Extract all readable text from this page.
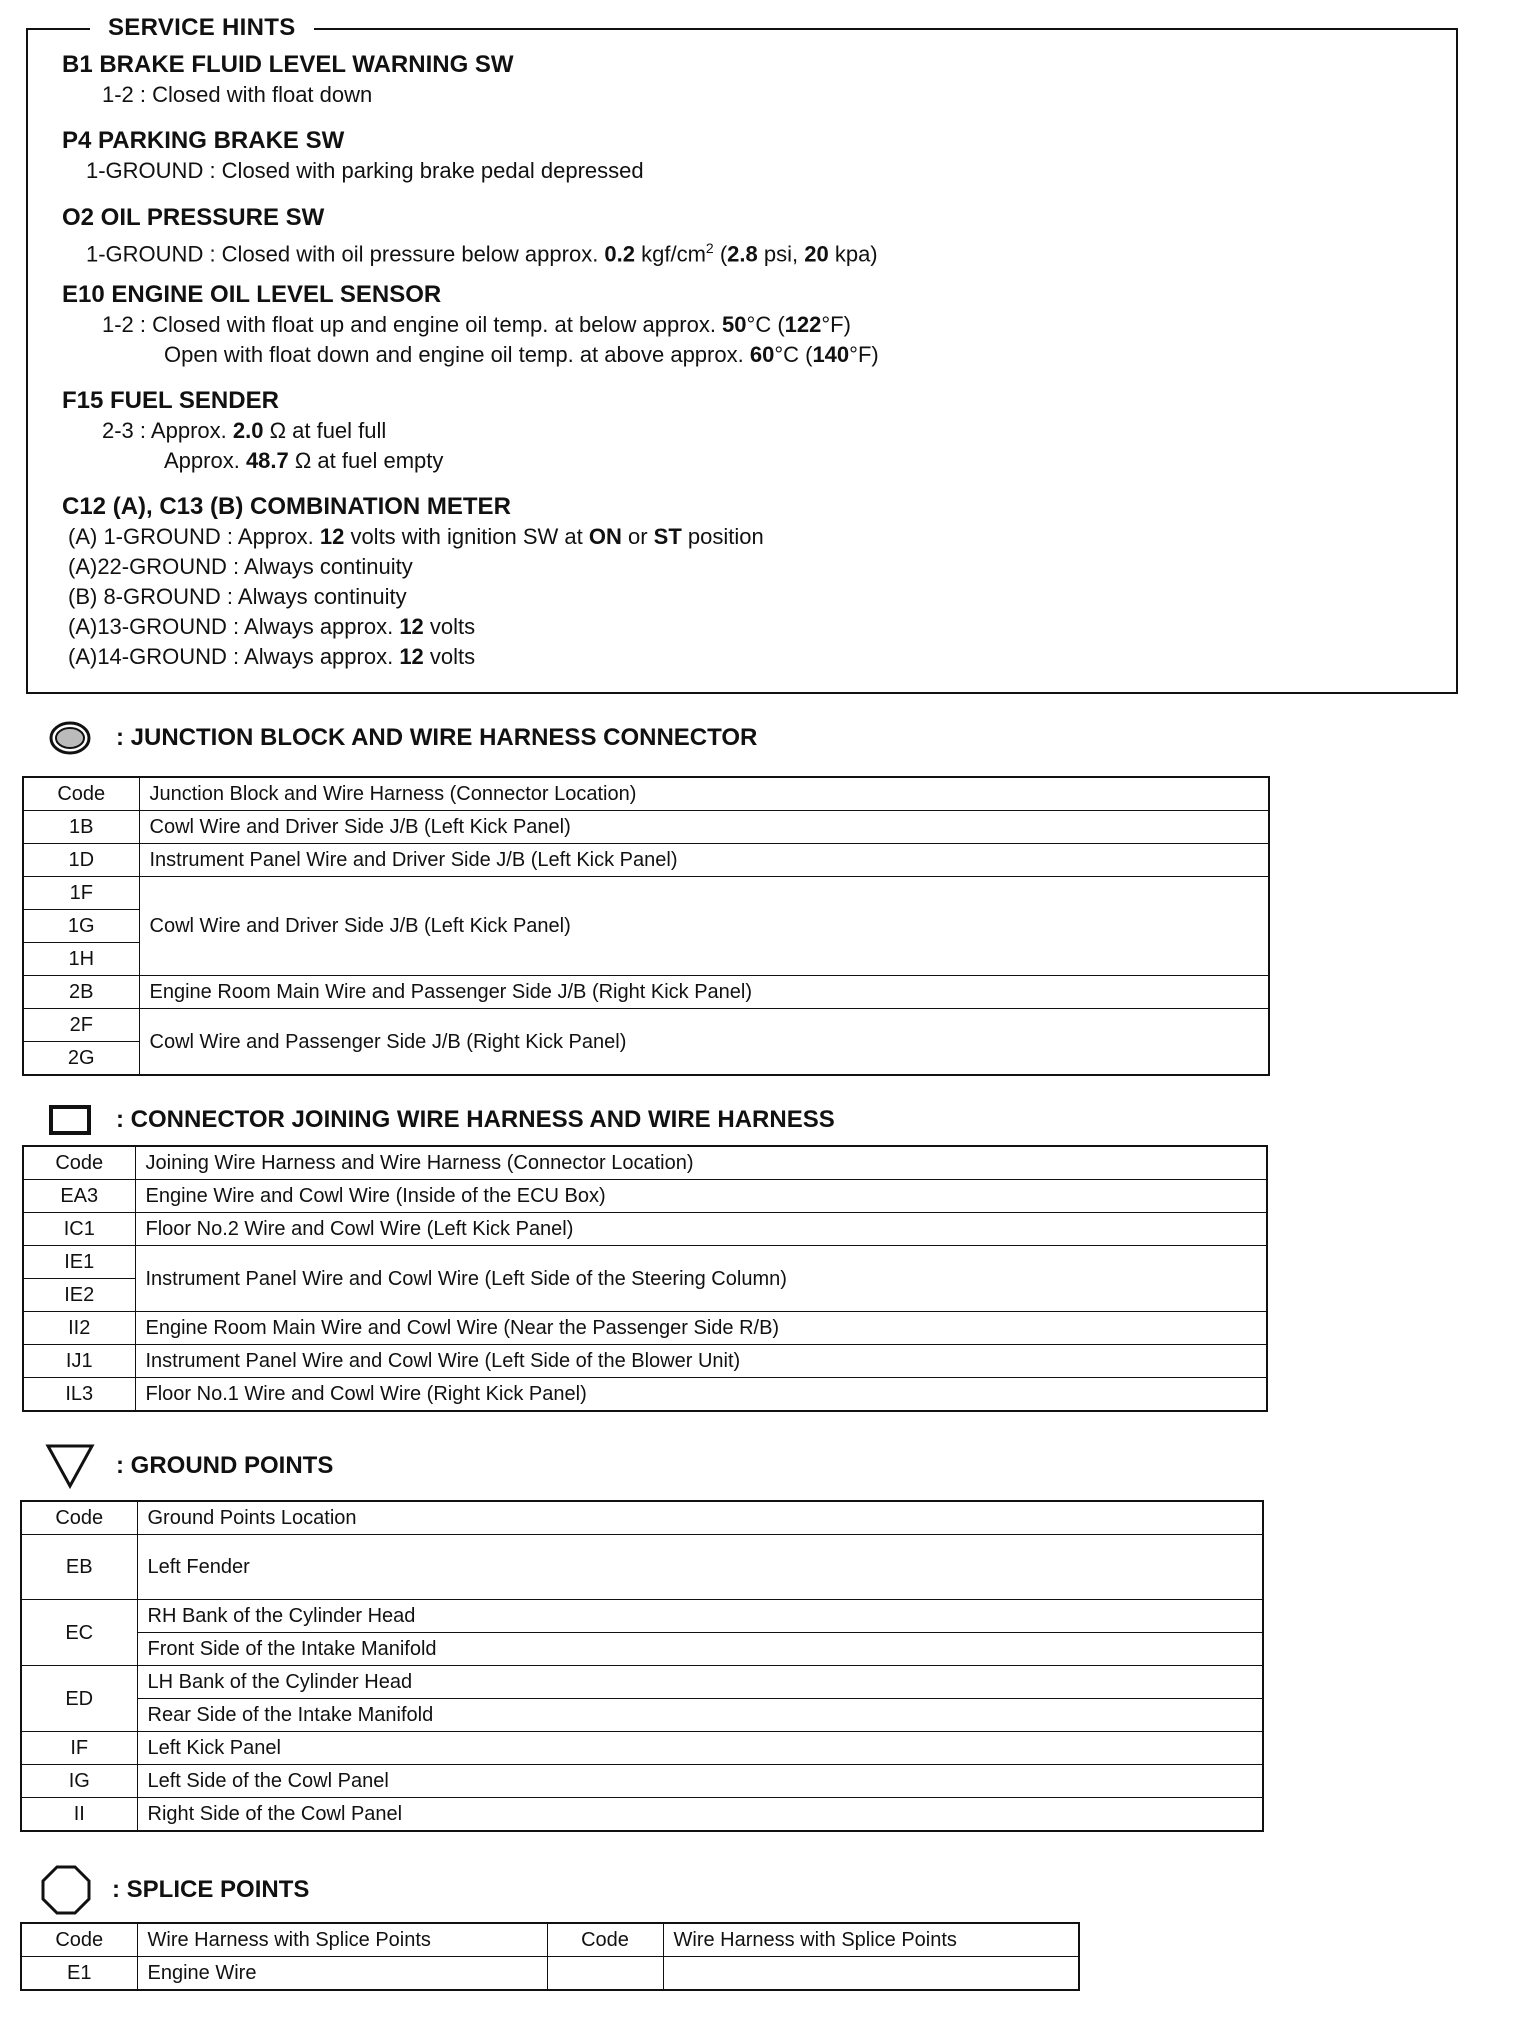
SERVICE HINTS
B1 BRAKE FLUID LEVEL WARNING SW
1-2 : Closed with float down
P4 PARKING BRAKE SW
1-GROUND : Closed with parking brake pedal depressed
O2 OIL PRESSURE SW
1-GROUND : Closed with oil pressure below approx. 0.2 kgf/$cm^2$ (2.8 psi, 20 kpa)
E10 ENGINE OIL LEVEL SENSOR
1-2 : Closed with float up and engine oil temp. at below approx. 50°C (122°F)
Open with float down and engine oil temp. at above approx. 60°C (140°F)
F15 FUEL SENDER
2-3 : Approx. 2.0 Ω at fuel full
Approx. 48.7 Ω at fuel empty
C12 (A), C13 (B) COMBINATION METER
(A) 1-GROUND : Approx. 12 volts with ignition SW at ON or ST position
(A)22-GROUND : Always continuity
(B) 8-GROUND : Always continuity
(A)13-GROUND : Always approx. 12 volts
(A)14-GROUND : Always approx. 12 volts
: JUNCTION BLOCK AND WIRE HARNESS CONNECTOR
Code	Junction Block and Wire Harness (Connector Location)
1B	Cowl Wire and Driver Side J/B (Left Kick Panel)
1D	Instrument Panel Wire and Driver Side J/B (Left Kick Panel)
1F	Cowl Wire and Driver Side J/B (Left Kick Panel)
1G	
1H	
2B	Engine Room Main Wire and Passenger Side J/B (Right Kick Panel)
2F	Cowl Wire and Passenger Side J/B (Right Kick Panel)
2G	
: CONNECTOR JOINING WIRE HARNESS AND WIRE HARNESS
Code	Joining Wire Harness and Wire Harness (Connector Location)
EA3	Engine Wire and Cowl Wire (Inside of the ECU Box)
IC1	Floor No.2 Wire and Cowl Wire (Left Kick Panel)
IE1	Instrument Panel Wire and Cowl Wire (Left Side of the Steering Column)
IE2	
II2	Engine Room Main Wire and Cowl Wire (Near the Passenger Side R/B)
IJ1	Instrument Panel Wire and Cowl Wire (Left Side of the Blower Unit)
IL3	Floor No.1 Wire and Cowl Wire (Right Kick Panel)
: GROUND POINTS
Code	Ground Points Location
EB	Left Fender
EC	RH Bank of the Cylinder Head
	Front Side of the Intake Manifold
ED	LH Bank of the Cylinder Head
	Rear Side of the Intake Manifold
IF	Left Kick Panel
IG	Left Side of the Cowl Panel
II	Right Side of the Cowl Panel
: SPLICE POINTS
Code	Wire Harness with Splice Points	Code	Wire Harness with Splice Points
E1	Engine Wire		
